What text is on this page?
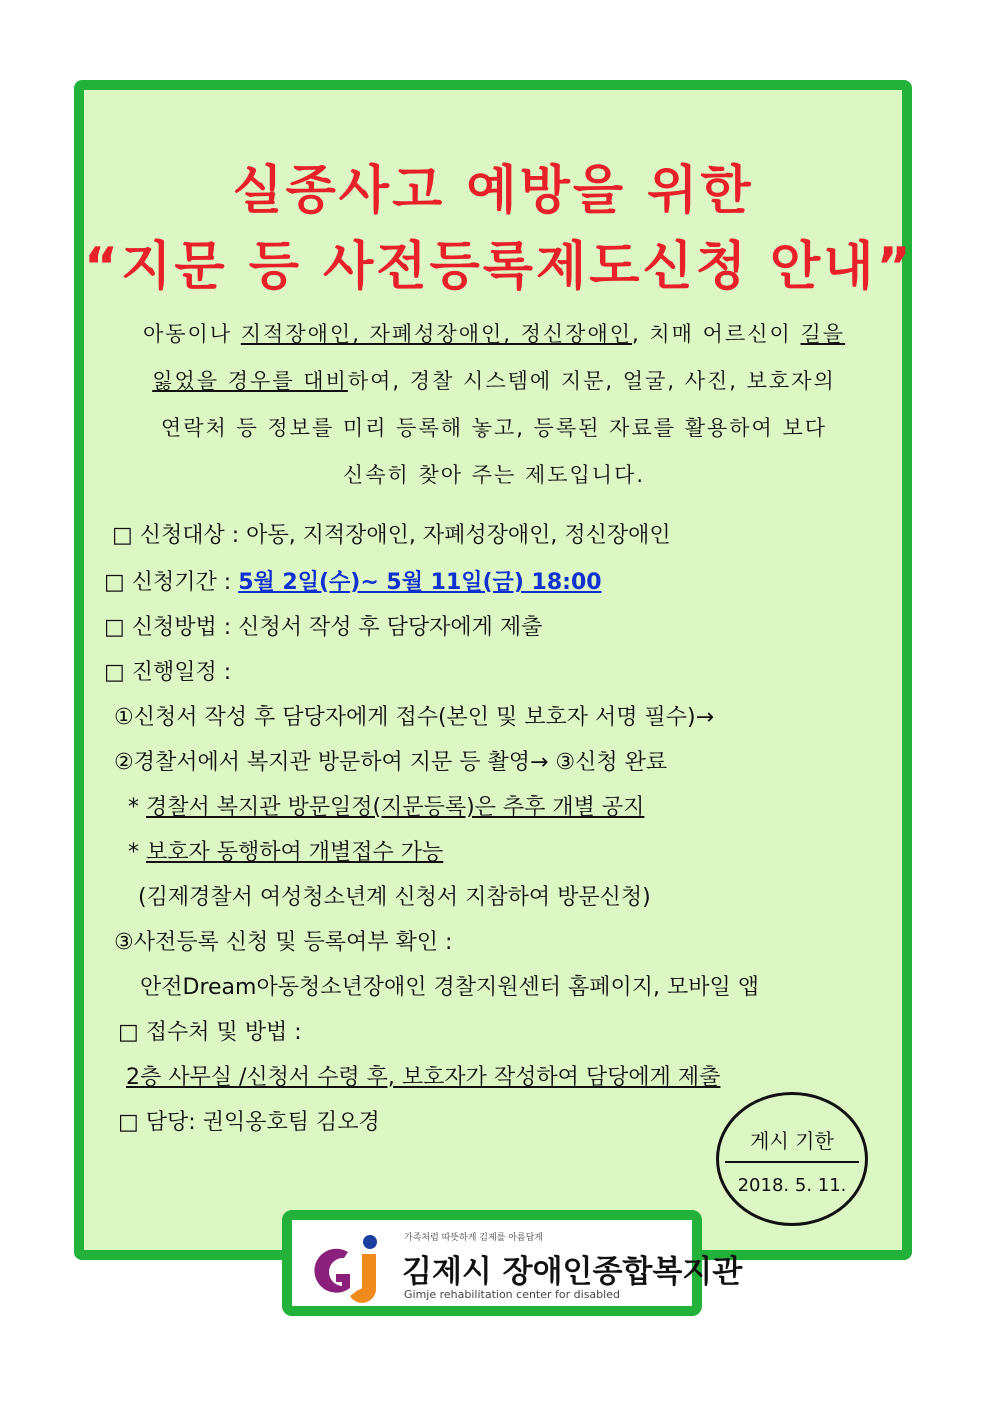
실종사고 예방을 위한
“지문 등 사전등록제도신청 안내”
아동이나 지적장애인, 자폐성장애인, 정신장애인, 치매 어르신이 길을
잃었을 경우를 대비하여, 경찰 시스템에 지문, 얼굴, 사진, 보호자의
연락처 등 정보를 미리 등록해 놓고, 등록된 자료를 활용하여 보다
신속히 찾아 주는 제도입니다.
□ 신청대상 : 아동, 지적장애인, 자폐성장애인, 정신장애인
□ 신청기간 : 5월 2일(수)~ 5월 11일(금) 18:00
□ 신청방법 : 신청서 작성 후 담당자에게 제출
□ 진행일정 :
①신청서 작성 후 담당자에게 접수(본인 및 보호자 서명 필수)→
②경찰서에서 복지관 방문하여 지문 등 촬영→ ③신청 완료
* 경찰서 복지관 방문일정(지문등록)은 추후 개별 공지
* 보호자 동행하여 개별접수 가능
(김제경찰서 여성청소년계 신청서 지참하여 방문신청)
③사전등록 신청 및 등록여부 확인 :
안전Dream아동청소년장애인 경찰지원센터 홈페이지, 모바일 앱
□ 접수처 및 방법 :
2층 사무실 /신청서 수령 후, 보호자가 작성하여 담당에게 제출
□ 담당: 권익옹호팀 김오경
게시 기한
2018. 5. 11.
가족처럼 따뜻하게 김제를 아름답게
김제시 장애인종합복지관
Gimje rehabilitation center for disabled
